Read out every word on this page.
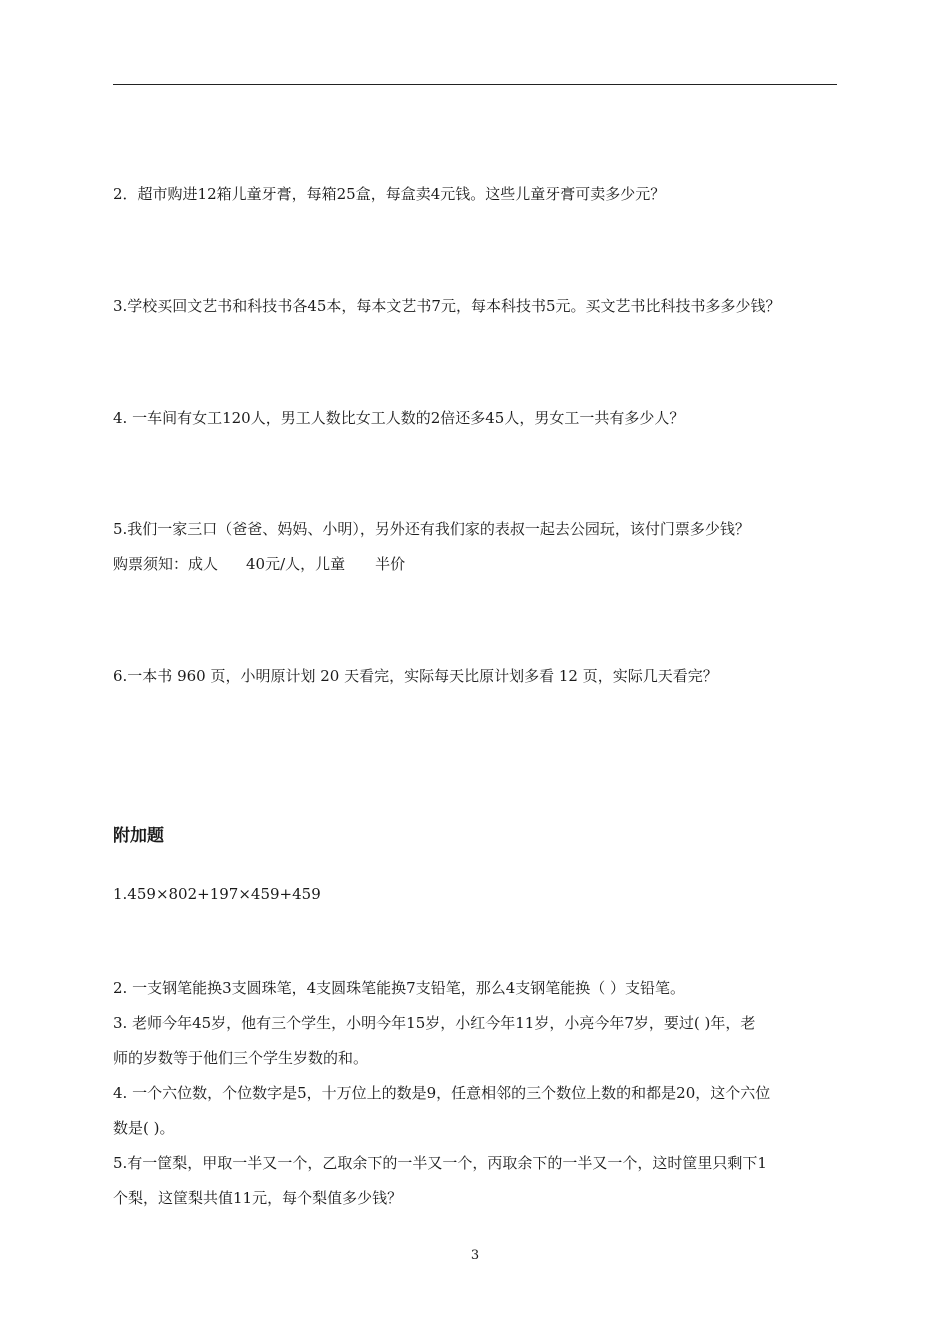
2．超市购进12箱儿童牙膏，每箱25盒，每盒卖4元钱。这些儿童牙膏可卖多少元？
3.学校买回文艺书和科技书各45本，每本文艺书7元，每本科技书5元。买文艺书比科技书多多少钱？
4. 一车间有女工120人，男工人数比女工人数的2倍还多45人，男女工一共有多少人？
5.我们一家三口（爸爸、妈妈、小明），另外还有我们家的表叔一起去公园玩，该付门票多少钱？
购票须知：成人 40元/人，儿童 半价
6.一本书 960 页，小明原计划 20 天看完，实际每天比原计划多看 12 页，实际几天看完？
附加题
1.459×802+197×459+459
2. 一支钢笔能换3支圆珠笔，4支圆珠笔能换7支铅笔，那么4支钢笔能换（ ）支铅笔。
3. 老师今年45岁，他有三个学生，小明今年15岁，小红今年11岁，小亮今年7岁，要过( )年，老
师的岁数等于他们三个学生岁数的和。
4. 一个六位数，个位数字是5，十万位上的数是9，任意相邻的三个数位上数的和都是20，这个六位
数是( )。
5.有一筐梨，甲取一半又一个，乙取余下的一半又一个，丙取余下的一半又一个，这时筐里只剩下1
个梨，这筐梨共值11元，每个梨值多少钱？
3
